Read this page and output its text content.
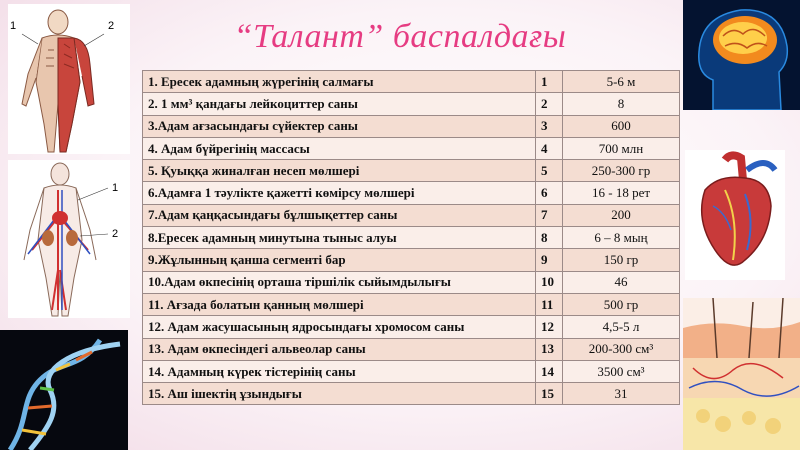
“Талант” баспалдағы
1	2
1
2
1. Ересек адамның жүрегінің салмағы	1	5-6 м
2. 1 мм³ қандағы лейкоциттер саны	2	8
3.Адам ағзасындағы сүйектер саны	3	600
4. Адам бүйрегінің массасы	4	700 млн
5. Қуыққа жиналған несеп мөлшері	5	250-300 гр
6.Адамға 1 тәулікте қажетті көмірсу мөлшері	6	16 - 18 рет
7.Адам қаңқасындағы бұлшықеттер саны	7	200
8.Ересек адамның минутына тыныс алуы	8	6 – 8 мың
9.Жұлынның қанша сегменті бар	9	150 гр
10.Адам өкпесінің орташа тіршілік сыйымдылығы	10	46
11. Ағзада болатын қанның мөлшері	11	500 гр
12. Адам жасушасының ядросындағы хромосом саны	12	4,5-5 л
13. Адам өкпесіндегі альвеолар саны	13	200-300 см³
14. Адамның күрек тістерінің саны	14	3500 см³
15. Аш ішектің ұзындығы	15	31
